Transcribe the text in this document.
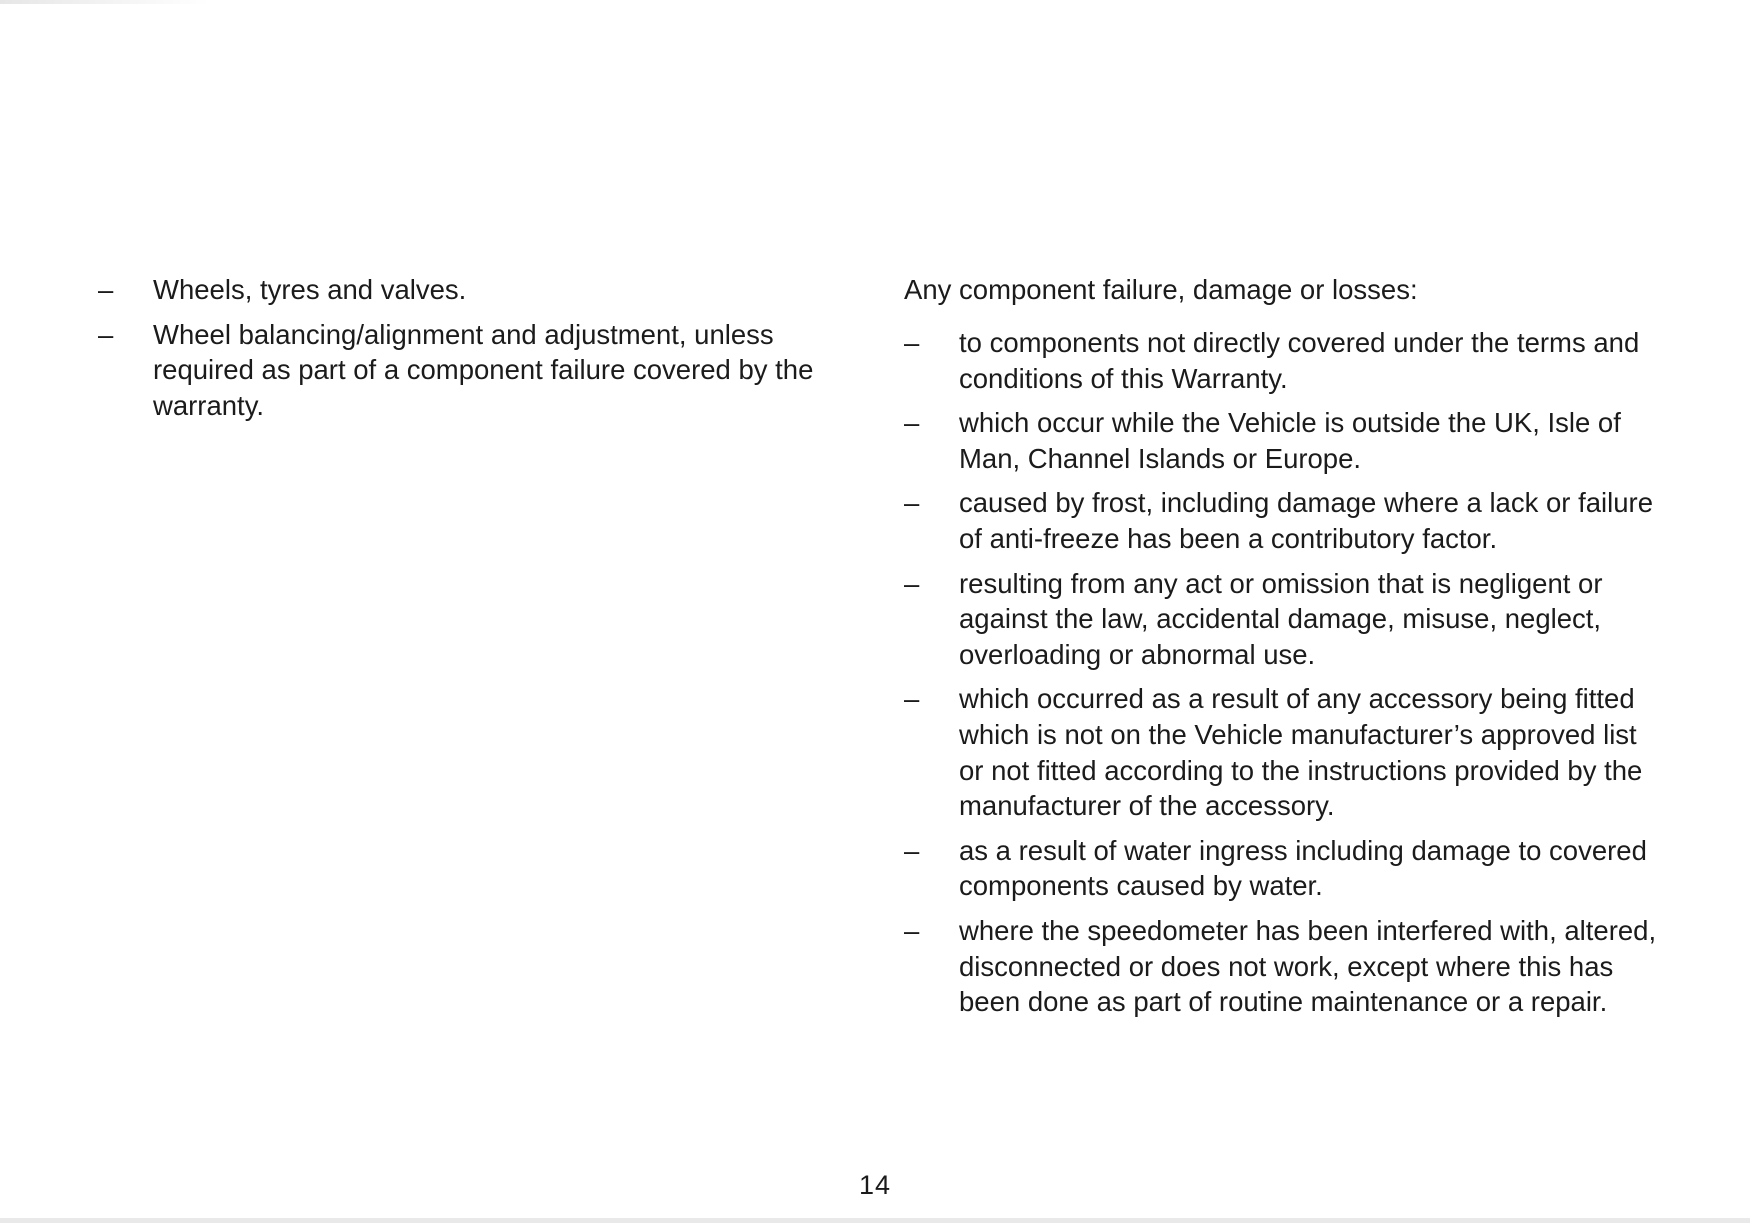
– Wheels, tyres and valves.
– Wheel balancing/alignment and adjustment, unless required as part of a component failure covered by the warranty.

Any component failure, damage or losses:

– to components not directly covered under the terms and conditions of this Warranty.
– which occur while the Vehicle is outside the UK, Isle of Man, Channel Islands or Europe.
– caused by frost, including damage where a lack or failure of anti-freeze has been a contributory factor.
– resulting from any act or omission that is negligent or against the law, accidental damage, misuse, neglect, overloading or abnormal use.
– which occurred as a result of any accessory being fitted which is not on the Vehicle manufacturer’s approved list or not fitted according to the instructions provided by the manufacturer of the accessory.
– as a result of water ingress including damage to covered components caused by water.
– where the speedometer has been interfered with, altered, disconnected or does not work, except where this has been done as part of routine maintenance or a repair.
14
